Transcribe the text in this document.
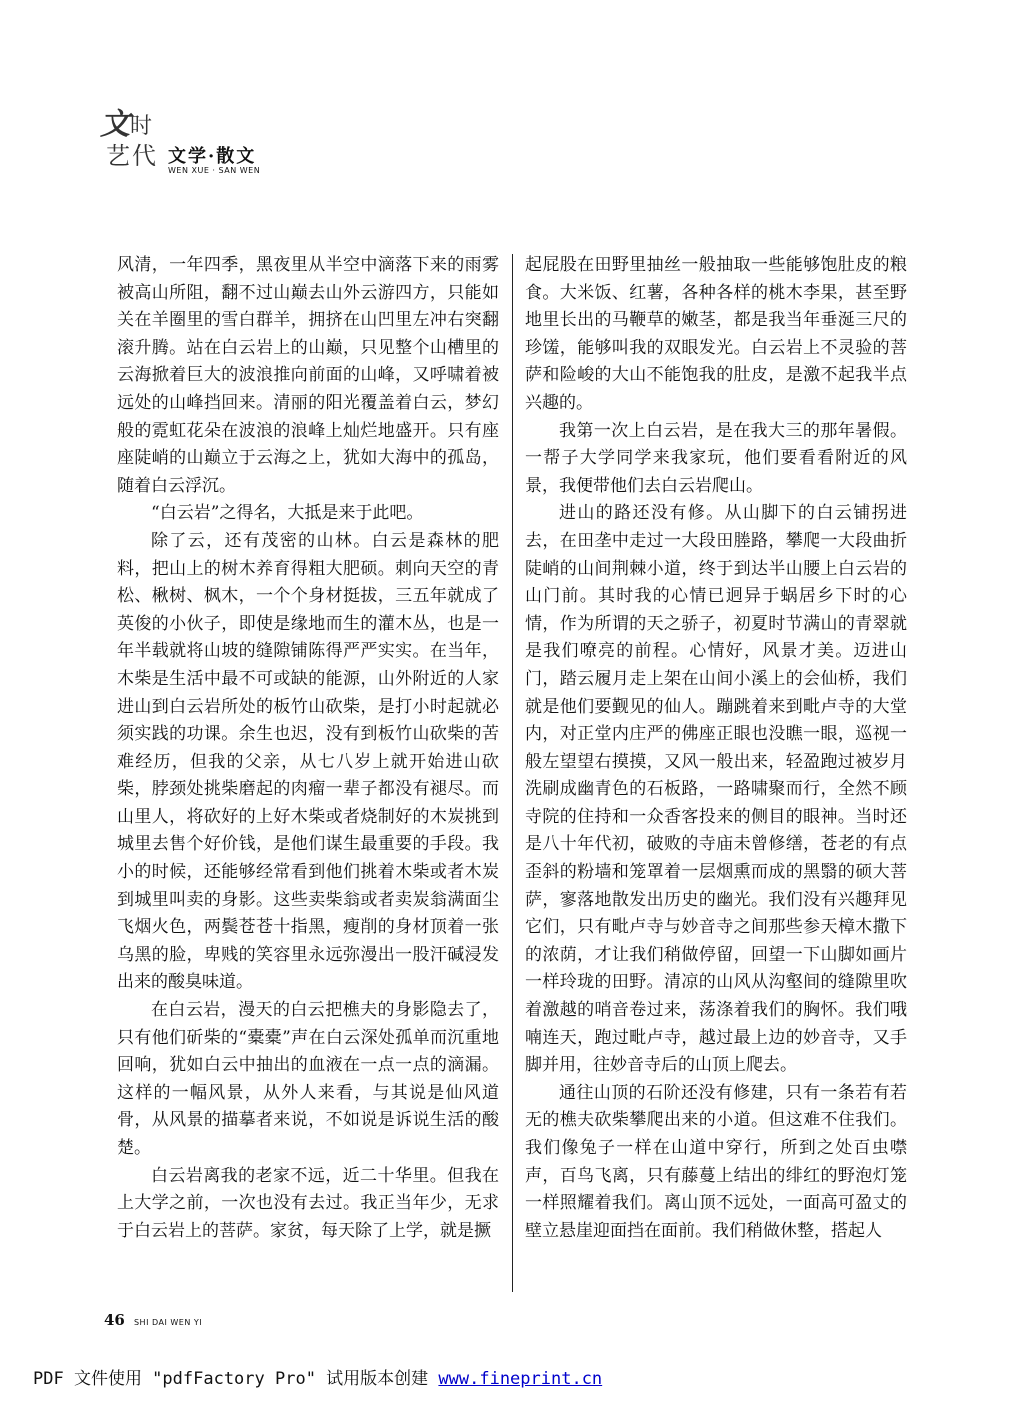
文 时
艺 代 文学·散文
WEN XUE · SAN WEN

风清，一年四季，黑夜里从半空中滴落下来的雨雾被高山所阻，翻不过山巅去山外云游四方，只能如关在羊圈里的雪白群羊，拥挤在山凹里左冲右突翻滚升腾。站在白云岩上的山巅，只见整个山槽里的云海掀着巨大的波浪推向前面的山峰，又呼啸着被远处的山峰挡回来。清丽的阳光覆盖着白云，梦幻般的霓虹花朵在波浪的浪峰上灿烂地盛开。只有座座陡峭的山巅立于云海之上，犹如大海中的孤岛，随着白云浮沉。

“白云岩”之得名，大抵是来于此吧。

除了云，还有茂密的山林。白云是森林的肥料，把山上的树木养育得粗大肥硕。刺向天空的青松、楸树、枫木，一个个身材挺拔，三五年就成了英俊的小伙子，即使是缘地而生的灌木丛，也是一年半载就将山坡的缝隙铺陈得严严实实。在当年，木柴是生活中最不可或缺的能源，山外附近的人家进山到白云岩所处的板竹山砍柴，是打小时起就必须实践的功课。余生也迟，没有到板竹山砍柴的苦难经历，但我的父亲，从七八岁上就开始进山砍柴，脖颈处挑柴磨起的肉瘤一辈子都没有褪尽。而山里人，将砍好的上好木柴或者烧制好的木炭挑到城里去售个好价钱，是他们谋生最重要的手段。我小的时候，还能够经常看到他们挑着木柴或者木炭到城里叫卖的身影。这些卖柴翁或者卖炭翁满面尘飞烟火色，两鬓苍苍十指黑，瘦削的身材顶着一张乌黑的脸，卑贱的笑容里永远弥漫出一股汗碱浸发出来的酸臭味道。

在白云岩，漫天的白云把樵夫的身影隐去了，只有他们斫柴的“橐橐”声在白云深处孤单而沉重地回响，犹如白云中抽出的血液在一点一点的滴漏。这样的一幅风景，从外人来看，与其说是仙风道骨，从风景的描摹者来说，不如说是诉说生活的酸楚。

白云岩离我的老家不远，近二十华里。但我在上大学之前，一次也没有去过。我正当年少，无求于白云岩上的菩萨。家贫，每天除了上学，就是撅

起屁股在田野里抽丝一般抽取一些能够饱肚皮的粮食。大米饭、红薯，各种各样的桃木李果，甚至野地里长出的马鞭草的嫩茎，都是我当年垂涎三尺的珍馐，能够叫我的双眼发光。白云岩上不灵验的菩萨和险峻的大山不能饱我的肚皮，是激不起我半点兴趣的。

我第一次上白云岩，是在我大三的那年暑假。一帮子大学同学来我家玩，他们要看看附近的风景，我便带他们去白云岩爬山。

进山的路还没有修。从山脚下的白云铺拐进去，在田垄中走过一大段田塍路，攀爬一大段曲折陡峭的山间荆棘小道，终于到达半山腰上白云岩的山门前。其时我的心情已迥异于蜗居乡下时的心情，作为所谓的天之骄子，初夏时节满山的青翠就是我们嘹亮的前程。心情好，风景才美。迈进山门，踏云履月走上架在山间小溪上的会仙桥，我们就是他们要觐见的仙人。蹦跳着来到毗卢寺的大堂内，对正堂内庄严的佛座正眼也没瞧一眼，巡视一般左望望右摸摸，又风一般出来，轻盈跑过被岁月洗刷成幽青色的石板路，一路啸聚而行，全然不顾寺院的住持和一众香客投来的侧目的眼神。当时还是八十年代初，破败的寺庙未曾修缮，苍老的有点歪斜的粉墙和笼罩着一层烟熏而成的黑翳的硕大菩萨，寥落地散发出历史的幽光。我们没有兴趣拜见它们，只有毗卢寺与妙音寺之间那些参天樟木撒下的浓荫，才让我们稍做停留，回望一下山脚如画片一样玲珑的田野。清凉的山风从沟壑间的缝隙里吹着激越的哨音卷过来，荡涤着我们的胸怀。我们哦喃连天，跑过毗卢寺，越过最上边的妙音寺，又手脚并用，往妙音寺后的山顶上爬去。

通往山顶的石阶还没有修建，只有一条若有若无的樵夫砍柴攀爬出来的小道。但这难不住我们。我们像兔子一样在山道中穿行，所到之处百虫噤声，百鸟飞离，只有藤蔓上结出的绯红的野泡灯笼一样照耀着我们。离山顶不远处，一面高可盈丈的壁立悬崖迎面挡在面前。我们稍做休整，搭起人

46 SHI DAI WEN YI
PDF 文件使用 "pdfFactory Pro" 试用版本创建 www.fineprint.cn
